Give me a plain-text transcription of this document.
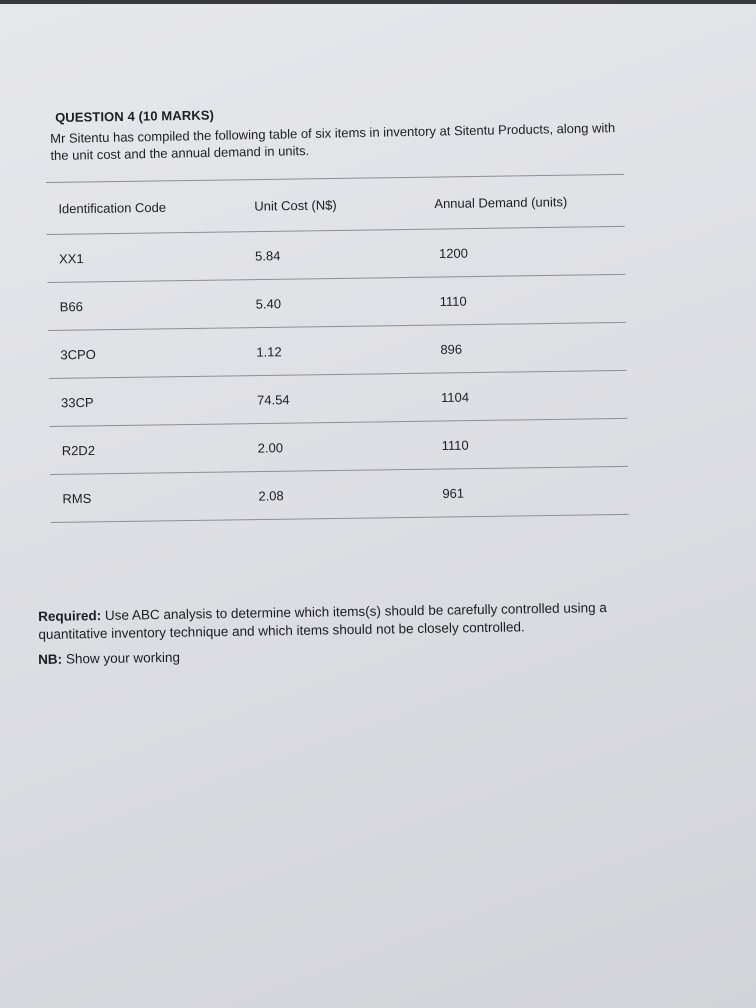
QUESTION 4 (10 MARKS)
Mr Sitentu has compiled the following table of six items in inventory at Sitentu Products, along with
the unit cost and the annual demand in units.
Identification Code	Unit Cost (N$)	Annual Demand (units)
XX1	5.84	1200
B66	5.40	1110
3CPO	1.12	896
33CP	74.54	1104
R2D2	2.00	1110
RMS	2.08	961
Required: Use ABC analysis to determine which items(s) should be carefully controlled using a
quantitative inventory technique and which items should not be closely controlled.
NB: Show your working
